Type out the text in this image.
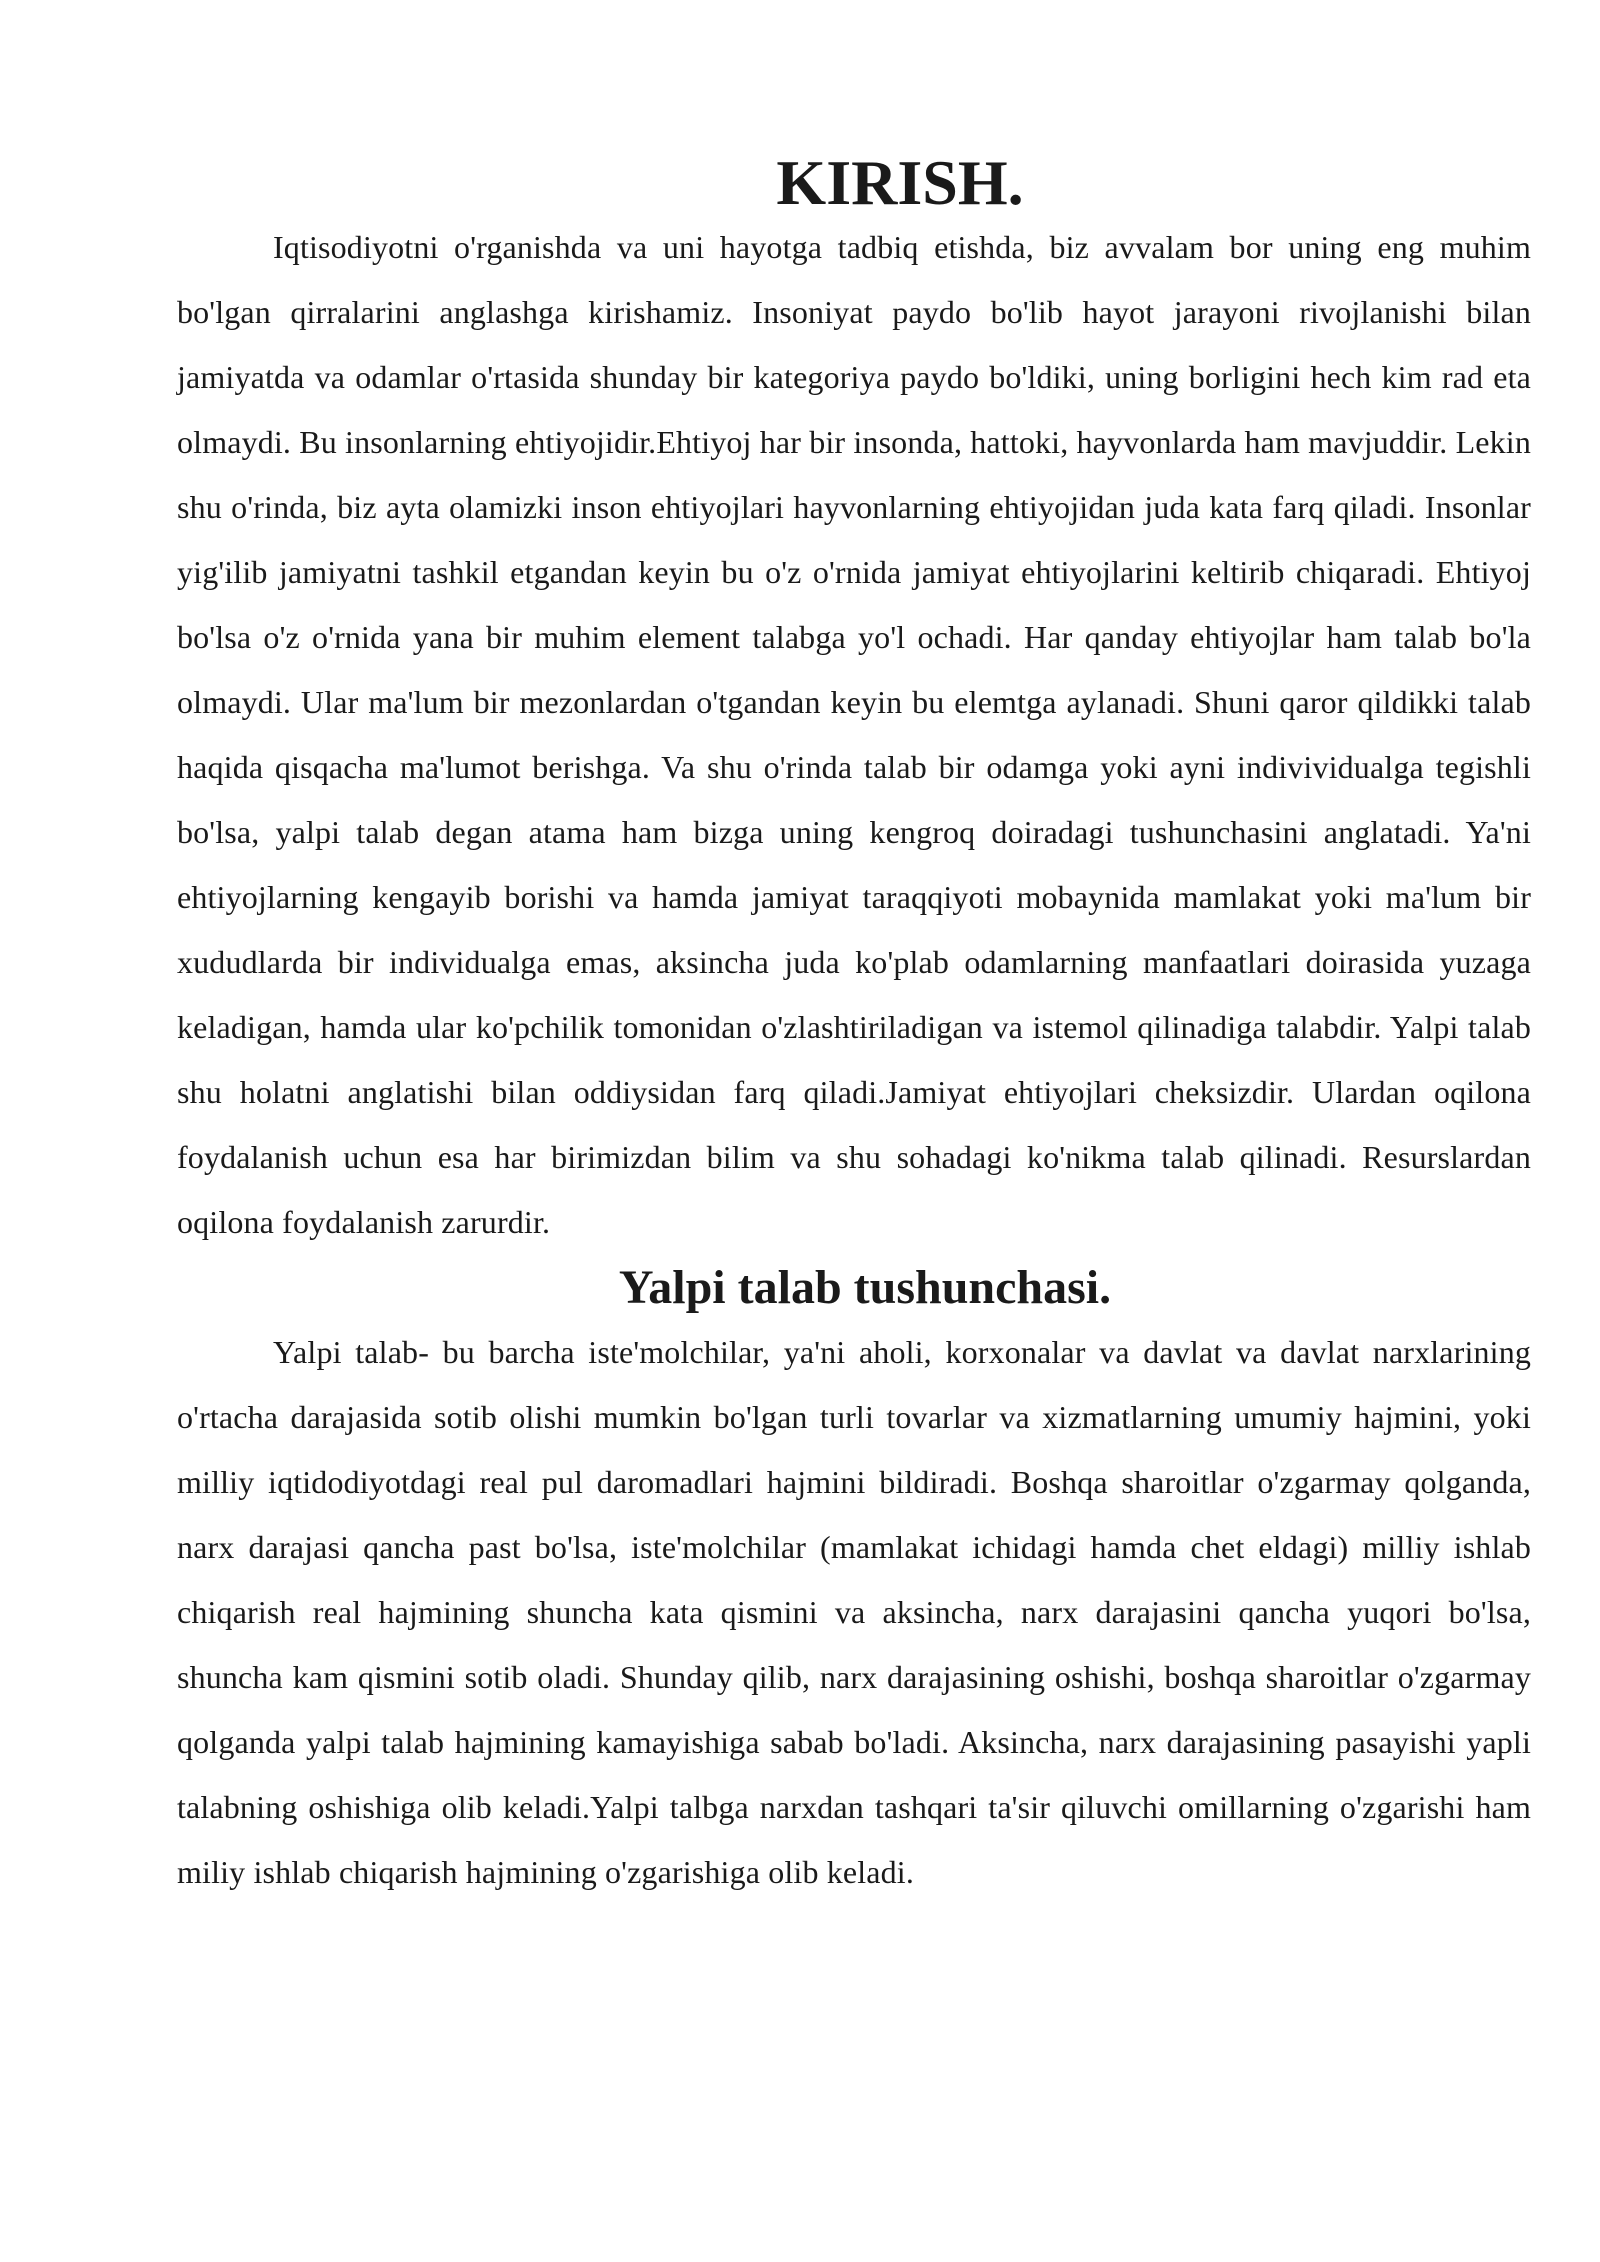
KIRISH.

Iqtisodiyotni o'rganishda va uni hayotga tadbiq etishda, biz avvalam bor uning eng muhim bo'lgan qirralarini anglashga kirishamiz. Insoniyat paydo bo'lib hayot jarayoni rivojlanishi bilan jamiyatda va odamlar o'rtasida shunday bir kategoriya paydo bo'ldiki, uning borligini hech kim rad eta olmaydi. Bu insonlarning ehtiyojidir.Ehtiyoj har bir insonda, hattoki, hayvonlarda ham mavjuddir. Lekin shu o'rinda, biz ayta olamizki inson ehtiyojlari hayvonlarning ehtiyojidan juda kata farq qiladi. Insonlar yig'ilib jamiyatni tashkil etgandan keyin bu o'z o'rnida jamiyat ehtiyojlarini keltirib chiqaradi. Ehtiyoj bo'lsa o'z o'rnida yana bir muhim element talabga yo'l ochadi. Har qanday ehtiyojlar ham talab bo'la olmaydi. Ular ma'lum bir mezonlardan o'tgandan keyin bu elemtga aylanadi. Shuni qaror qildikki talab haqida qisqacha ma'lumot berishga. Va shu o'rinda talab bir odamga yoki ayni indivividualga tegishli bo'lsa, yalpi talab degan atama ham bizga uning kengroq doiradagi tushunchasini anglatadi. Ya'ni ehtiyojlarning kengayib borishi va hamda jamiyat taraqqiyoti mobaynida mamlakat yoki ma'lum bir xududlarda bir individualga emas, aksincha juda ko'plab odamlarning manfaatlari doirasida yuzaga keladigan, hamda ular ko'pchilik tomonidan o'zlashtiriladigan va istemol qilinadiga talabdir. Yalpi talab shu holatni anglatishi bilan oddiysidan farq qiladi.Jamiyat ehtiyojlari cheksizdir. Ulardan oqilona foydalanish uchun esa har birimizdan bilim va shu sohadagi ko'nikma talab qilinadi. Resurslardan oqilona foydalanish zarurdir.

Yalpi talab tushunchasi.

Yalpi talab- bu barcha iste'molchilar, ya'ni aholi, korxonalar va davlat va davlat narxlarining o'rtacha darajasida sotib olishi mumkin bo'lgan turli tovarlar va xizmatlarning umumiy hajmini, yoki milliy iqtidodiyotdagi real pul daromadlari hajmini bildiradi. Boshqa sharoitlar o'zgarmay qolganda, narx darajasi qancha past bo'lsa, iste'molchilar (mamlakat ichidagi hamda chet eldagi) milliy ishlab chiqarish real hajmining shuncha kata qismini va aksincha, narx darajasini qancha yuqori bo'lsa, shuncha kam qismini sotib oladi. Shunday qilib, narx darajasining oshishi, boshqa sharoitlar o'zgarmay qolganda yalpi talab hajmining kamayishiga sabab bo'ladi. Aksincha, narx darajasining pasayishi yapli talabning oshishiga olib keladi.Yalpi talbga narxdan tashqari ta'sir qiluvchi omillarning o'zgarishi ham miliy ishlab chiqarish hajmining o'zgarishiga olib keladi.
